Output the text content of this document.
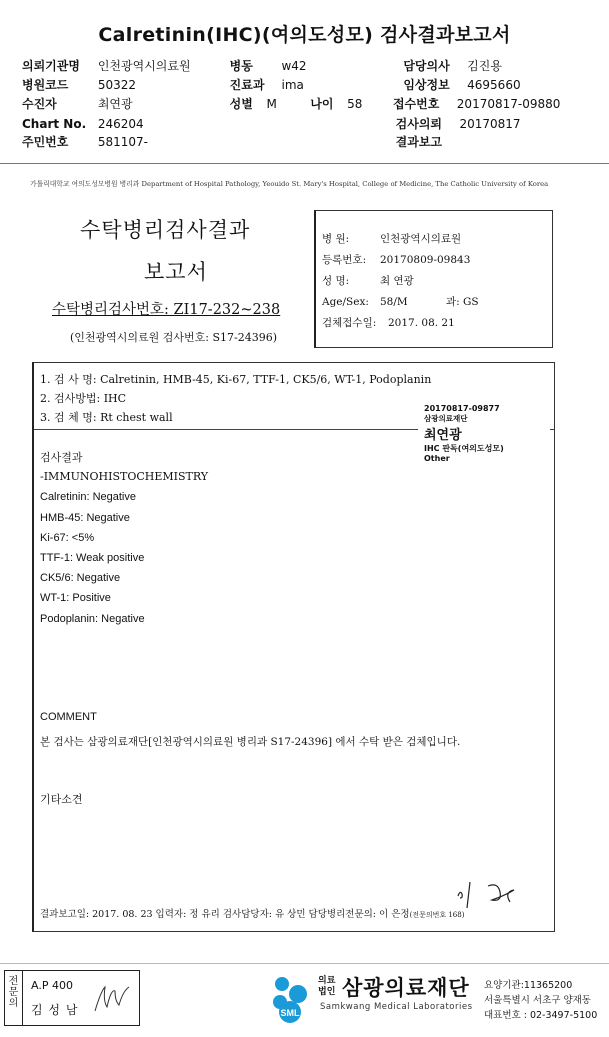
Calretinin(IHC)(여의도성모) 검사결과보고서
의뢰기관명 인천광역시의료원	병동 w42	담당의사 김진용
병원코드 50322	진료과 ima	임상정보 4695660
수진자	최연광	성별 M	나이 58	접수번호 20170817-09880
Chart No. 246204	검사의뢰 20170817
주민번호 581107-	결과보고
가톨릭대학교 여의도성모병원 병리과 Department of Hospital Pathology, Yeouido St. Mary's Hospital, College of Medicine, The Catholic University of Korea
수탁병리검사결과
보고서
수탁병리검사번호: ZI17-232~238
(인천광역시의료원 검사번호: S17-24396)
병 원:	인천광역시의료원
등록번호: 20170809-09843
성 명:	최 연광
Age/Sex: 58/M	과: GS
검체접수일: 2017. 08. 21
1. 검 사 명: Calretinin, HMB-45, Ki-67, TTF-1, CK5/6, WT-1, Podoplanin
2. 검사방법: IHC
3. 검 체 명: Rt chest wall
검사결과
-IMMUNOHISTOCHEMISTRY
Calretinin: Negative
HMB-45: Negative
Ki-67: <5%
TTF-1: Weak positive
CK5/6: Negative
WT-1: Positive
Podoplanin: Negative
COMMENT
본 검사는 삼광의료재단[인천광역시의료원 병리과 S17-24396] 에서 수탁 받은 검체입니다.
기타소견
결과보고일: 2017. 08. 23 입력자: 정 유리 검사담당자: 유 상민 담당병리전문의: 이 은정(전문의번호 168)
20170817-09877
삼광의료재단
최연광
IHC 판독(여의도성모)
Other
전문의
A.P 400
김 성 남	SML
의료
법인 삼광의료재단
Samkwang Medical Laboratories
요양기관:11365200
서울특별시 서초구 양재동
대표번호 : 02-3497-5100
